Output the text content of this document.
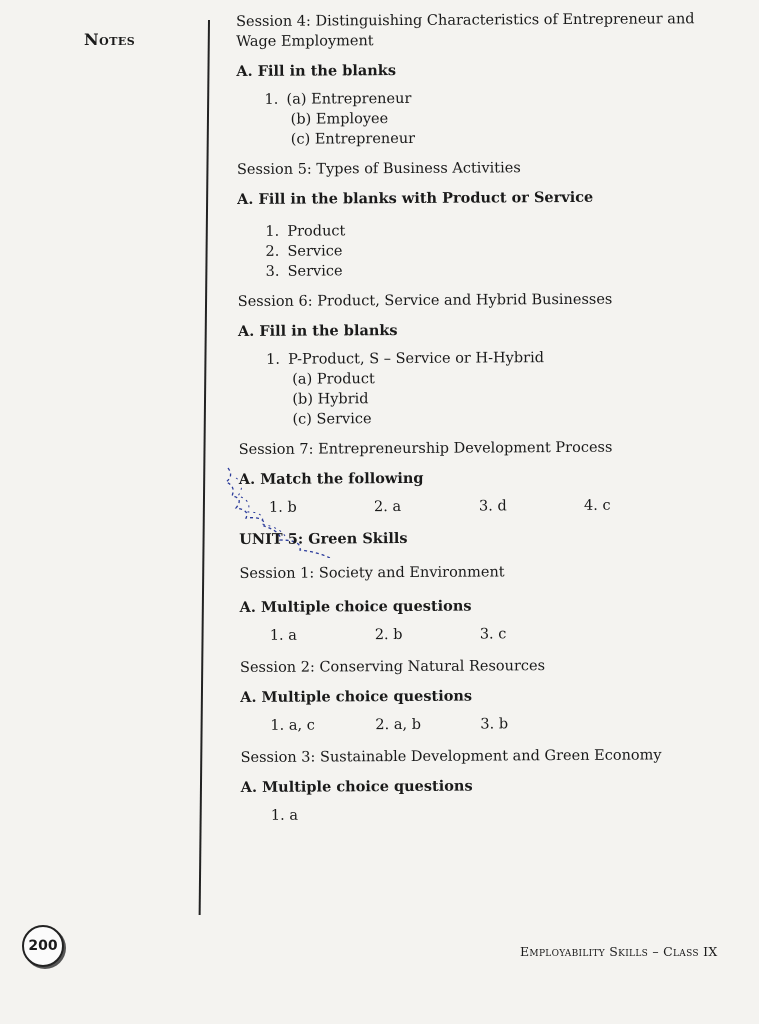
Notes
Session 4: Distinguishing Characteristics of Entrepreneur and Wage Employment
A. Fill in the blanks
1. (a) Entrepreneur
(b) Employee
(c) Entrepreneur
Session 5: Types of Business Activities
A. Fill in the blanks with Product or Service
1. Product
2. Service
3. Service
Session 6: Product, Service and Hybrid Businesses
A. Fill in the blanks
1. P-Product, S – Service or H-Hybrid
(a) Product
(b) Hybrid
(c) Service
Session 7: Entrepreneurship Development Process
A. Match the following
1. b	2. a	3. d	4. c
UNIT 5: Green Skills
Session 1: Society and Environment
A. Multiple choice questions
1. a	2. b	3. c
Session 2: Conserving Natural Resources
A. Multiple choice questions
1. a, c	2. a, b	3. b
Session 3: Sustainable Development and Green Economy
A. Multiple choice questions
1. a
200	Employability Skills – Class IX
